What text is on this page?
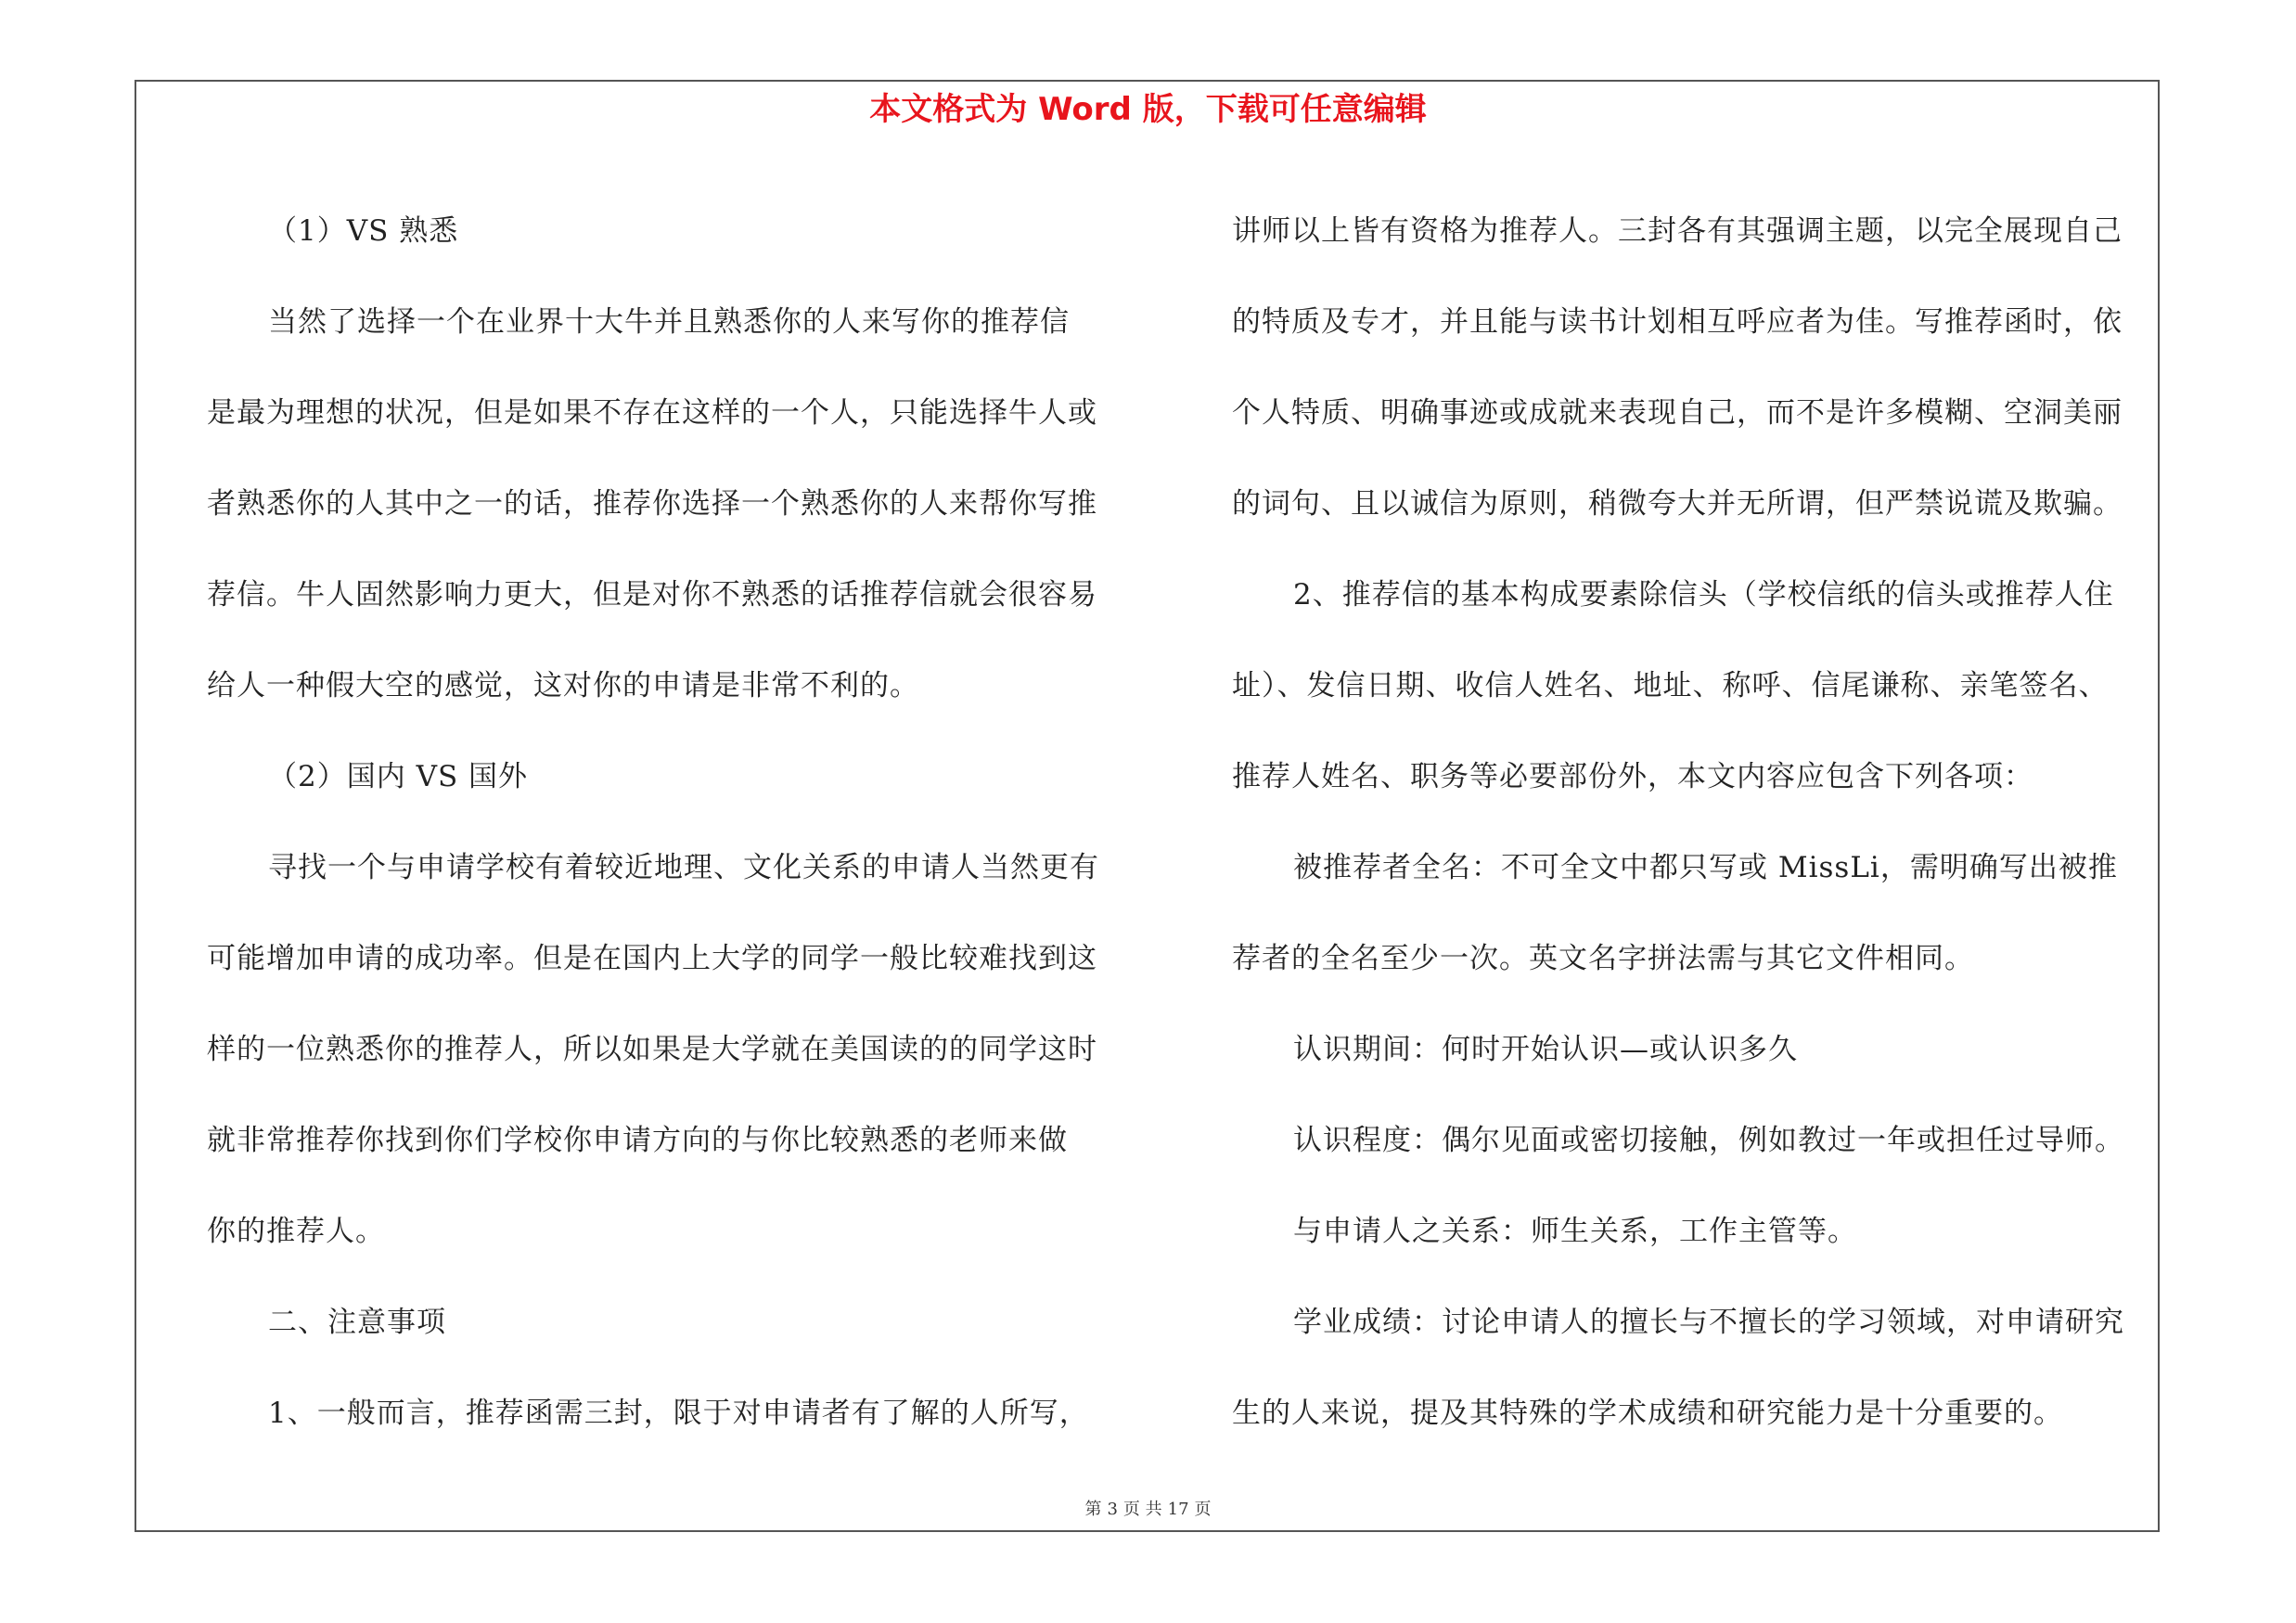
本文格式为 Word 版，下载可任意编辑

（1）VS 熟悉

当然了选择一个在业界十大牛并且熟悉你的人来写你的推荐信

是最为理想的状况，但是如果不存在这样的一个人，只能选择牛人或

者熟悉你的人其中之一的话，推荐你选择一个熟悉你的人来帮你写推

荐信。牛人固然影响力更大，但是对你不熟悉的话推荐信就会很容易

给人一种假大空的感觉，这对你的申请是非常不利的。

（2）国内 VS 国外

寻找一个与申请学校有着较近地理、文化关系的申请人当然更有

可能增加申请的成功率。但是在国内上大学的同学一般比较难找到这

样的一位熟悉你的推荐人，所以如果是大学就在美国读的的同学这时

就非常推荐你找到你们学校你申请方向的与你比较熟悉的老师来做

你的推荐人。

二、注意事项

1、一般而言，推荐函需三封，限于对申请者有了解的人所写，

讲师以上皆有资格为推荐人。三封各有其强调主题，以完全展现自己

的特质及专才，并且能与读书计划相互呼应者为佳。写推荐函时，依

个人特质、明确事迹或成就来表现自己，而不是许多模糊、空洞美丽

的词句、且以诚信为原则，稍微夸大并无所谓，但严禁说谎及欺骗。

2、推荐信的基本构成要素除信头（学校信纸的信头或推荐人住

址）、发信日期、收信人姓名、地址、称呼、信尾谦称、亲笔签名、

推荐人姓名、职务等必要部份外，本文内容应包含下列各项：

被推荐者全名：不可全文中都只写或 MissLi，需明确写出被推

荐者的全名至少一次。英文名字拼法需与其它文件相同。

认识期间：何时开始认识—或认识多久

认识程度：偶尔见面或密切接触，例如教过一年或担任过导师。

与申请人之关系：师生关系，工作主管等。

学业成绩：讨论申请人的擅长与不擅长的学习领域，对申请研究

生的人来说，提及其特殊的学术成绩和研究能力是十分重要的。

第 3 页 共 17 页
